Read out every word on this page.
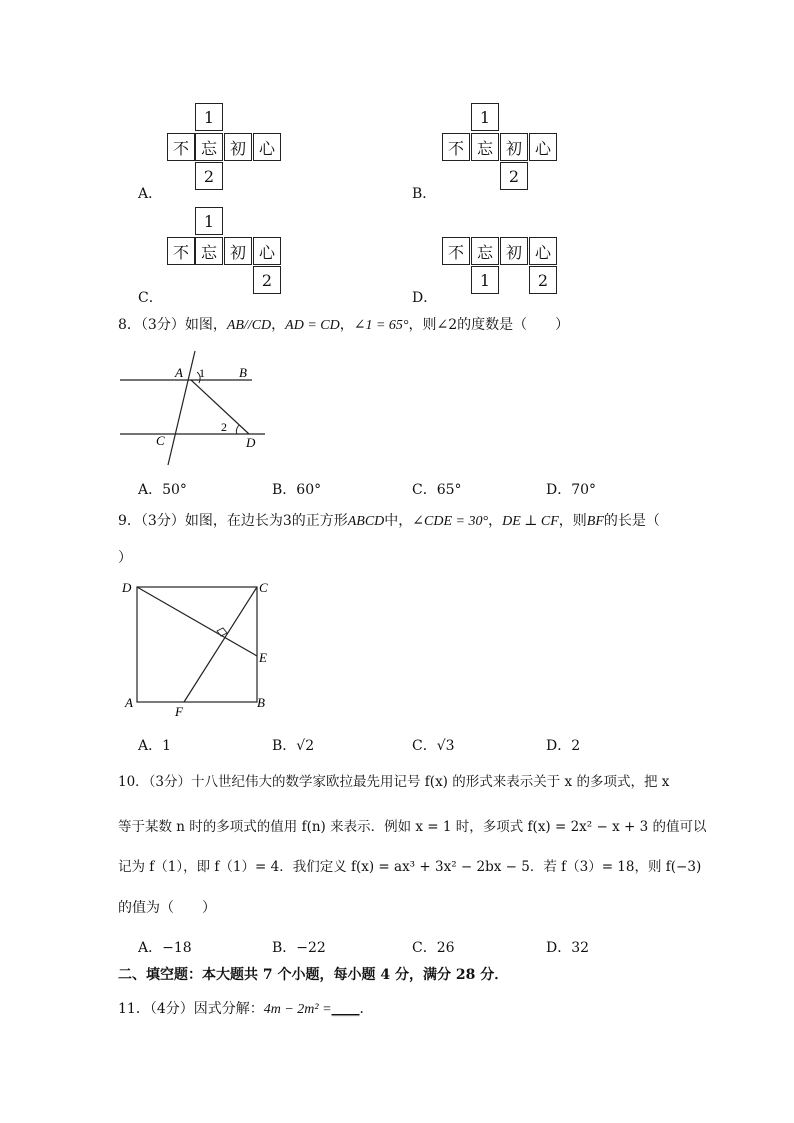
A．
1
不 忘 初 心
2
B．
1
不 忘 初 心
2
C．
1
不 忘 初 心
2
D．
不 忘 初 心
1	2
8．（3分）如图，AB//CD，AD = CD，∠1 = 65°，则∠2的度数是（　　）
A 1	B
C
2
D
A．50°	B．60°	C．65°	D．70°
9．（3分）如图，在边长为3的正方形ABCD中，∠CDE = 30°，DE ⊥ CF，则BF的长是（
）
D	C
E
A	B
F
A．1	B．√2	C．√3	D．2
10．（3分）十八世纪伟大的数学家欧拉最先用记号 f(x) 的形式来表示关于 x 的多项式，把 x
等于某数 n 时的多项式的值用 f(n) 来表示．例如 x = 1 时，多项式 f(x) = 2x² − x + 3 的值可以
记为 f（1），即 f（1）= 4．我们定义 f(x) = ax³ + 3x² − 2bx − 5．若 f（3）= 18，则 f(−3)
的值为（　　）
A．−18	B．−22	C．26	D．32
二、填空题：本大题共 7 个小题，每小题 4 分，满分 28 分．
11．（4分）因式分解：4m − 2m² =____．
